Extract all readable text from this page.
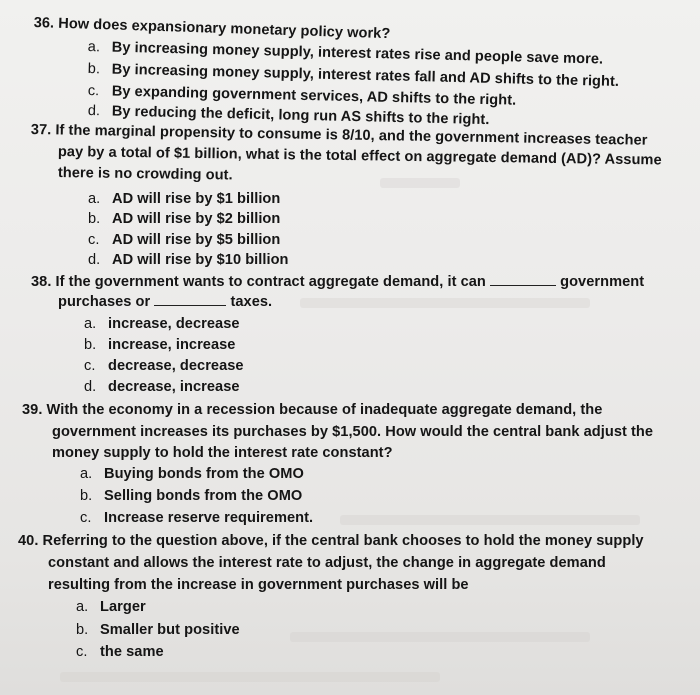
36. How does expansionary monetary policy work?
a. By increasing money supply, interest rates rise and people save more.
b. By increasing money supply, interest rates fall and AD shifts to the right.
c. By expanding government services, AD shifts to the right.
d. By reducing the deficit, long run AS shifts to the right.
37. If the marginal propensity to consume is 8/10, and the government increases teacher
pay by a total of $1 billion, what is the total effect on aggregate demand (AD)? Assume
there is no crowding out.
a. AD will rise by $1 billion
b. AD will rise by $2 billion
c. AD will rise by $5 billion
d. AD will rise by $10 billion
38. If the government wants to contract aggregate demand, it can	government
purchases or	taxes.
a. increase, decrease
b. increase, increase
c. decrease, decrease
d. decrease, increase
39. With the economy in a recession because of inadequate aggregate demand, the
government increases its purchases by $1,500. How would the central bank adjust the
money supply to hold the interest rate constant?
a. Buying bonds from the OMO
b. Selling bonds from the OMO
c. Increase reserve requirement.
40. Referring to the question above, if the central bank chooses to hold the money supply
constant and allows the interest rate to adjust, the change in aggregate demand
resulting from the increase in government purchases will be
a. Larger
b. Smaller but positive
c. the same
